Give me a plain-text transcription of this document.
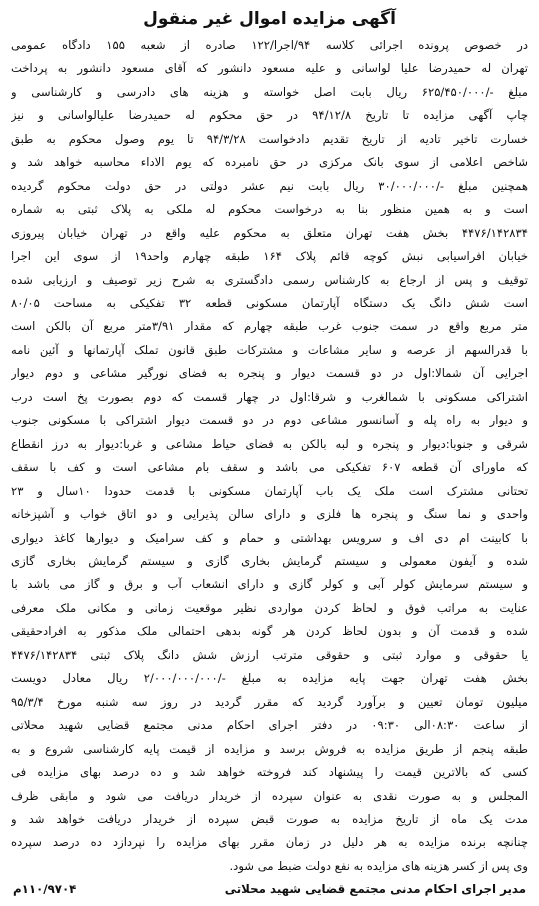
آگهی مزایده اموال غیر منقول
در خصوص پرونده اجرائی کلاسه ۹۴/اجرا/۱۲۲ صادره از شعبه ۱۵۵ دادگاه عمومی
تهران له حمیدرضا علیا لواسانی و علیه مسعود دانشور که آقای مسعود دانشور به پرداخت
مبلغ -/۶۲۵/۴۵۰/۰۰۰ ریال بابت اصل خواسته و هزینه های دادرسی و کارشناسی و
چاپ آگهی مزایده تا تاریخ ۹۴/۱۲/۸ در حق محکوم له حمیدرضا علیالواسانی و نیز
خسارت تاخیر تادیه از تاریخ تقدیم دادخواست ۹۴/۳/۲۸ تا یوم وصول محکوم به طبق
شاخص اعلامی از سوی بانک مرکزی در حق نامبرده که یوم الاداء محاسبه خواهد شد و
همچنین مبلغ -/۳۰/۰۰۰/۰۰۰ ریال بابت نیم عشر دولتی در حق دولت محکوم گردیده
است و به همین منظور بنا به درخواست محکوم له ملکی به پلاک ثبتی به شماره
۴۴۷۶/۱۴۲۸۳۴ بخش هفت تهران متعلق به محکوم علیه واقع در تهران خیابان پیروزی
خیابان افراسیابی نبش کوچه قائم پلاک ۱۶۴ طبقه چهارم واحد۱۹ از سوی این اجرا
توقیف و پس از ارجاع به کارشناس رسمی دادگستری به شرح زیر توصیف و ارزیابی شده
است شش دانگ یک دستگاه آپارتمان مسکونی قطعه ۳۲ تفکیکی به مساحت ۸۰/۰۵
متر مربع واقع در سمت جنوب غرب طبقه چهارم که مقدار ۳/۹۱متر مربع آن بالکن است
با قدرالسهم از عرصه و سایر مشاعات و مشترکات طبق قانون تملک آپارتمانها و آئین نامه
اجرایی آن شمالا:اول در دو قسمت دیوار و پنجره به فضای نورگیر مشاعی و دوم دیوار
اشتراکی مسکونی با شمالغرب و شرقا:اول در چهار قسمت که دوم بصورت پخ است درب
و دیوار به راه پله و آسانسور مشاعی دوم در دو قسمت دیوار اشتراکی با مسکونی جنوب
شرقی و جنوبا:دیوار و پنجره و لبه بالکن به فضای حیاط مشاعی و غربا:دیوار به درز انقطاع
که ماورای آن قطعه ۶۰۷ تفکیکی می باشد و سقف بام مشاعی است و کف با سقف
تحتانی مشترک است ملک یک باب آپارتمان مسکونی با قدمت حدودا ۱۰سال و ۲۳
واحدی و نما سنگ و پنجره ها فلزی و دارای سالن پذیرایی و دو اتاق خواب و آشپزخانه
با کابینت ام دی اف و سرویس بهداشتی و حمام و کف سرامیک و دیوارها کاغذ دیواری
شده و آیفون معمولی و سیستم گرمایش بخاری گازی و سیستم گرمایش بخاری گازی
و سیستم سرمایش کولر آبی و کولر گازی و دارای انشعاب آب و برق و گاز می باشد با
عنایت به مراتب فوق و لحاظ کردن مواردی نظیر موقعیت زمانی و مکانی ملک معرفی
شده و قدمت آن و بدون لحاظ کردن هر گونه بدهی احتمالی ملک مذکور به افرادحقیقی
یا حقوقی و موارد ثبتی و حقوقی مترتب ارزش شش دانگ پلاک ثبتی ۴۴۷۶/۱۴۲۸۳۴
بخش هفت تهران جهت پایه مزایده به مبلغ -/۲/۰۰۰/۰۰۰/۰۰۰ ریال معادل دویست
میلیون تومان تعیین و برآورد گردید که مقرر گردید در روز سه شنبه مورخ ۹۵/۳/۴
از ساعت ۰۸:۳۰الی ۰۹:۳۰ در دفتر اجرای احکام مدنی مجتمع قضایی شهید محلاتی
طبقه پنجم از طریق مزایده به فروش برسد و مزایده از قیمت پایه کارشناسی شروع و به
کسی که بالاترین قیمت را پیشنهاد کند فروخته خواهد شد و ده درصد بهای مزایده فی
المجلس و به صورت نقدی به عنوان سپرده از خریدار دریافت می شود و مابقی ظرف
مدت یک ماه از تاریخ مزایده به صورت قبض سپرده از خریدار دریافت خواهد شد و
چنانچه برنده مزایده به هر دلیل در زمان مقرر بهای مزایده را نپردازد ده درصد سپرده
وی پس از کسر هزینه های مزایده به نفع دولت ضبط می شود.
مدیر اجرای احکام مدنی مجتمع قضایی شهید محلاتی
۱۱۰/۹۷۰۴م
